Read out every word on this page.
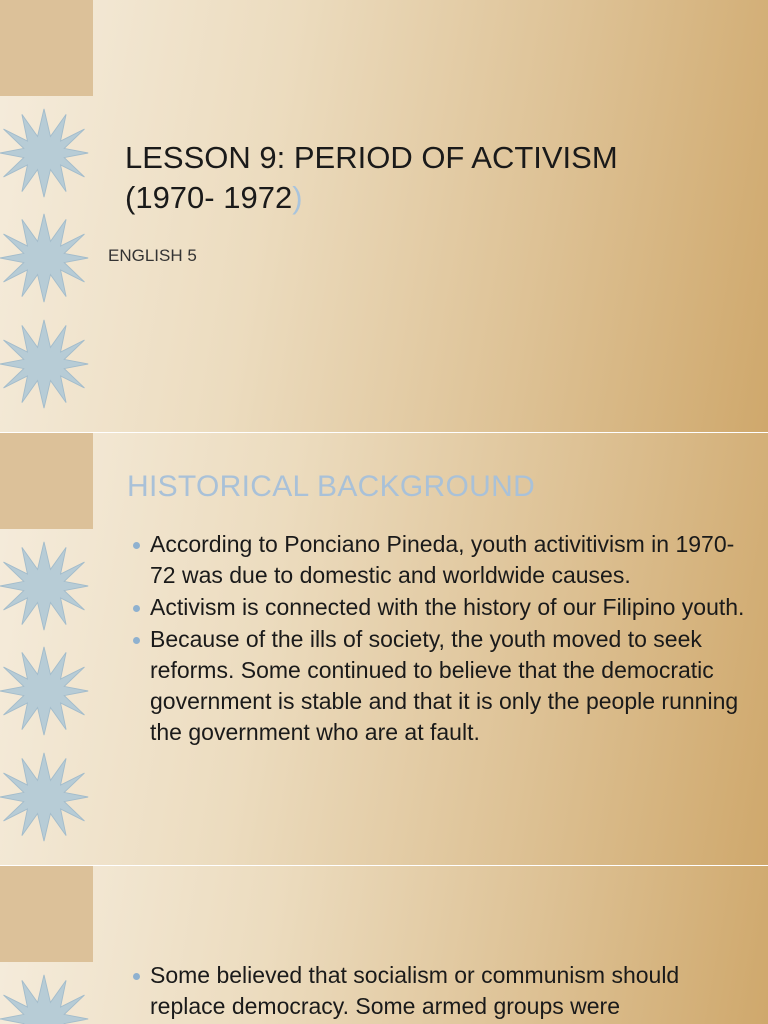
LESSON 9: PERIOD OF ACTIVISM
(1970- 1972)
ENGLISH 5
HISTORICAL BACKGROUND
According to Ponciano Pineda, youth activitivism in 1970-72 was due to domestic and worldwide causes.
Activism is connected with the history of our Filipino youth.
Because of the ills of society, the youth moved to seek reforms. Some continued to believe that the democratic government is stable and that it is only the people running the government who are at fault.
Some believed that socialism or communism should replace democracy. Some armed groups were
